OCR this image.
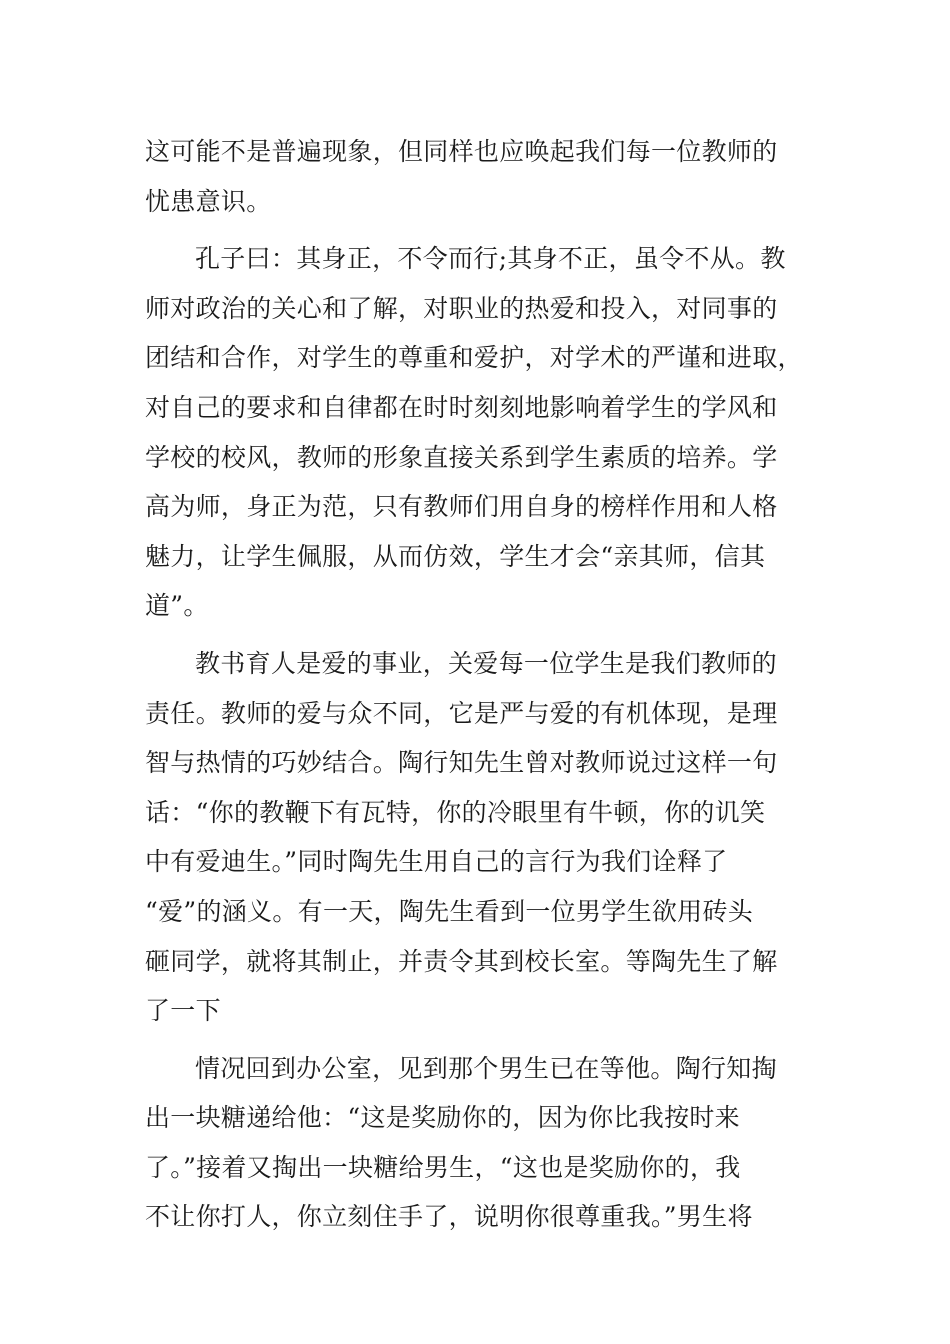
这可能不是普遍现象，但同样也应唤起我们每一位教师的
忧患意识。
孔子曰：其身正，不令而行;其身不正，虽令不从。教
师对政治的关心和了解，对职业的热爱和投入，对同事的
团结和合作，对学生的尊重和爱护，对学术的严谨和进取，
对自己的要求和自律都在时时刻刻地影响着学生的学风和
学校的校风，教师的形象直接关系到学生素质的培养。学
高为师，身正为范，只有教师们用自身的榜样作用和人格
魅力，让学生佩服，从而仿效，学生才会“亲其师，信其
道”。
教书育人是爱的事业，关爱每一位学生是我们教师的
责任。教师的爱与众不同，它是严与爱的有机体现，是理
智与热情的巧妙结合。陶行知先生曾对教师说过这样一句
话：“你的教鞭下有瓦特，你的冷眼里有牛顿，你的讥笑
中有爱迪生。”同时陶先生用自己的言行为我们诠释了
“爱”的涵义。有一天，陶先生看到一位男学生欲用砖头
砸同学，就将其制止，并责令其到校长室。等陶先生了解
了一下
情况回到办公室，见到那个男生已在等他。陶行知掏
出一块糖递给他：“这是奖励你的，因为你比我按时来
了。”接着又掏出一块糖给男生，“这也是奖励你的，我
不让你打人，你立刻住手了，说明你很尊重我。”男生将
